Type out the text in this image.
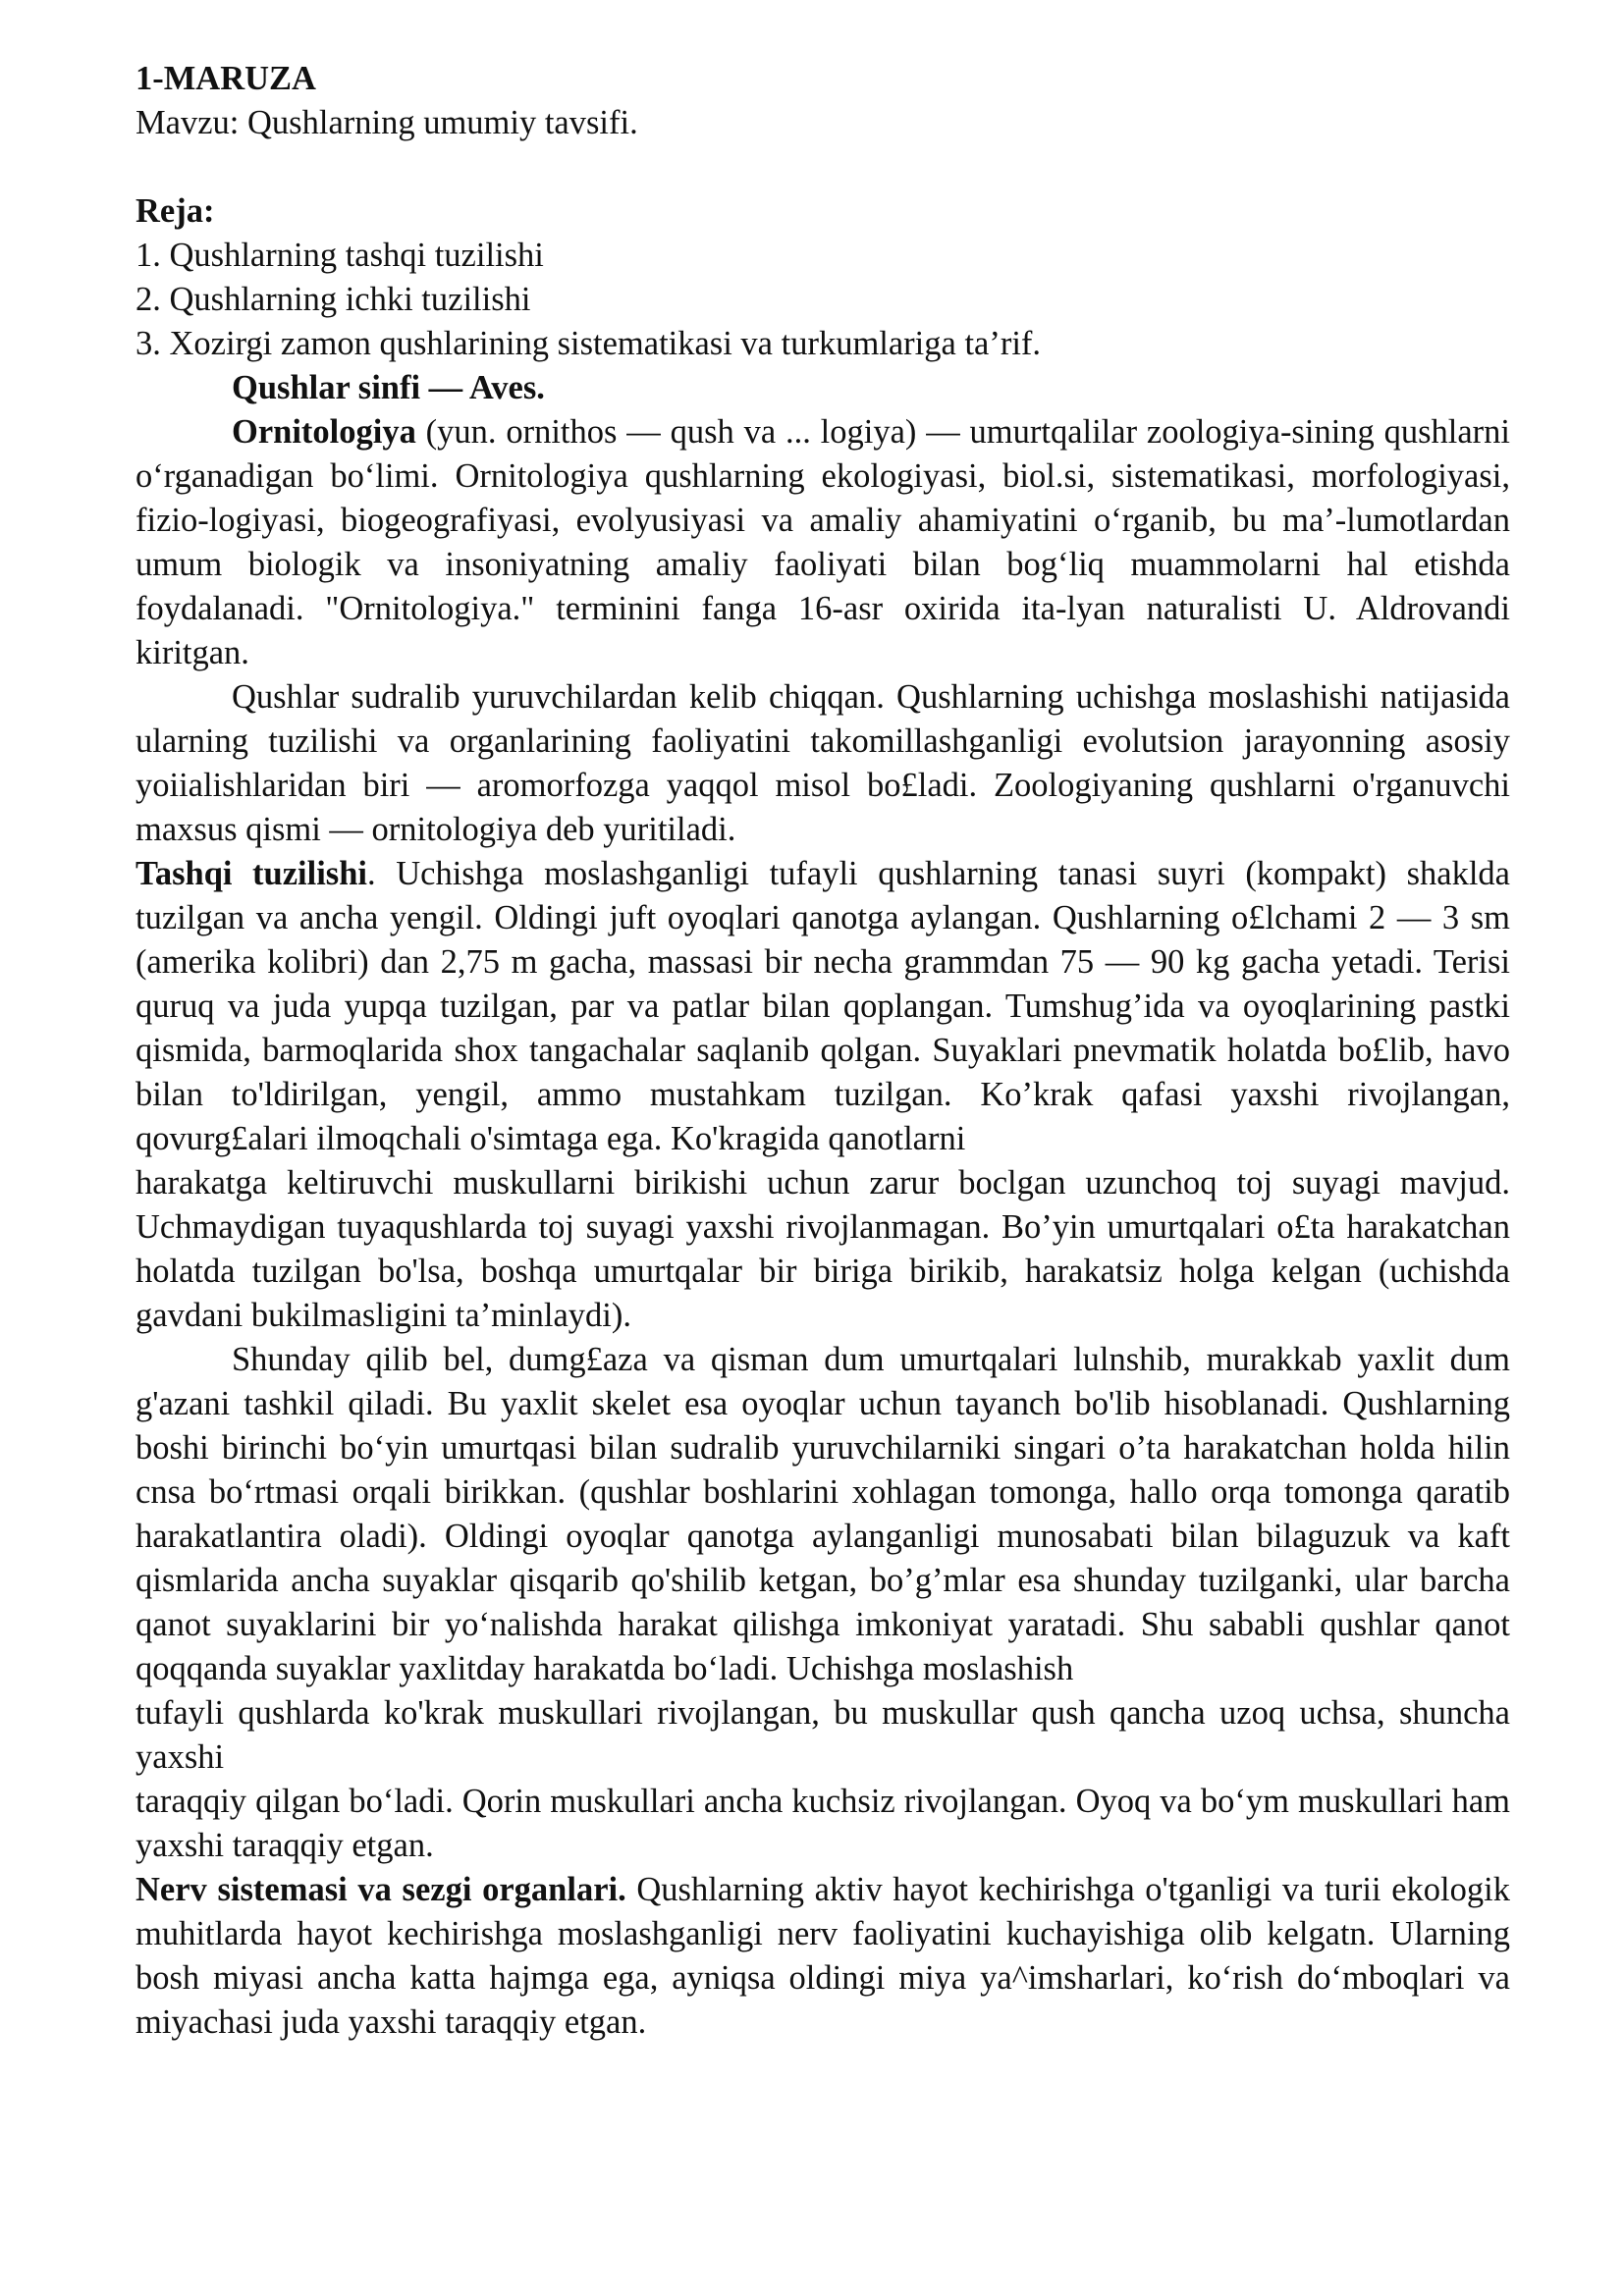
1-MARUZA

Mavzu: Qushlarning umumiy tavsifi.

Reja:

1. Qushlarning tashqi tuzilishi

2. Qushlarning ichki tuzilishi

3. Xozirgi zamon qushlarining sistematikasi va turkumlariga ta’rif.

Qushlar sinfi — Aves.

Ornitologiya (yun. ornithos — qush va ... logiya) — umurtqalilar zoologiya-sining qushlarni o‘rganadigan bo‘limi. Ornitologiya qushlarning ekologiyasi, biol.si, sistematikasi, morfologiyasi, fizio-logiyasi, biogeografiyasi, evolyusiyasi va amaliy ahamiyatini o‘rganib, bu ma’-lumotlardan umum biologik va insoniyatning amaliy faoliyati bilan bog‘liq muammolarni hal etishda foydalanadi. "Ornitologiya." terminini fanga 16-asr oxirida ita-lyan naturalisti U. Aldrovandi kiritgan.

Qushlar sudralib yuruvchilardan kelib chiqqan. Qushlarning uchishga moslashishi natijasida ularning tuzilishi va organlarining faoliyatini takomillashganligi evolutsion jarayonning asosiy yoiialishlaridan biri — aromorfozga yaqqol misol bo£ladi. Zoologiyaning qushlarni o'rganuvchi maxsus qismi — ornitologiya deb yuritiladi.

Tashqi tuzilishi. Uchishga moslashganligi tufayli qushlarning tanasi suyri (kompakt) shakldа tuzilgan va ancha yengil. Oldingi juft oyoqlari qanotga aylangan. Qushlarning o£lchami 2 — 3 sm (amerika kolibri) dan 2,75 m gacha, massasi bir necha grammdan 75 — 90 kg gacha yetadi. Terisi quruq va juda yupqa tuzilgan, par va patlar bilan qoplangan. Tumshug’ida va oyoqlarining pastki qismida, barmoqlarida shox tangachalar saqlanib qolgan. Suyaklari pnevmatik holatda bo£lib, havo bilan to'ldirilgan, yengil, ammo mustahkam tuzilgan. Ko’krak qafasi yaxshi rivojlangan, qovurg£alari ilmoqchali o'simtaga ega. Ko'kragida qanotlarni

harakatga keltiruvchi muskullarni birikishi uchun zarur boclgan uzunchoq toj suyagi mavjud. Uchmaydigan tuyaqushlarda toj suyagi yaxshi rivojlanmagan. Bo’yin umurtqalari o£ta harakatchan holatda tuzilgan bo'lsa, boshqa umurtqalar bir biriga birikib, harakatsiz holga kelgan (uchishda gavdani bukilmasligini ta’minlaydi).

Shunday qilib bel, dumg£aza va qisman dum umurtqalari lulnshib, murakkab yaxlit dum g'azani tashkil qiladi. Bu yaxlit skelet esa oyoqlar uchun tayanch bo'lib hisoblanadi. Qushlarning boshi birinchi bo‘yin umurtqasi bilan sudralib yuruvchilarniki singari o’ta harakatchan holda hilin cnsa bo‘rtmasi orqali birikkan. (qushlar boshlarini xohlagan tomonga, hallo orqa tomonga qaratib harakatlantira oladi). Oldingi oyoqlar qanotga aylanganligi munosabati bilan bilaguzuk va kaft qismlarida ancha suyaklar qisqarib qo'shilib ketgan, bo’g’mlar esa shunday tuzilganki, ular barcha qanot suyaklarini bir yo‘nalishda harakat qilishga imkoniyat yaratadi. Shu sababli qushlar qanot qoqqanda suyaklar yaxlitday harakatda bo‘ladi. Uchishga moslashish

tufayli qushlarda ko'krak muskullari rivojlangan, bu muskullar qush qancha uzoq uchsa, shuncha yaxshi

taraqqiy qilgan bo‘ladi. Qorin muskullari ancha kuchsiz rivojlangan. Oyoq va bo‘ym muskullari ham yaxshi taraqqiy etgan.

Nerv sistemasi va sezgi organlari. Qushlarning aktiv hayot kechirishga o'tganligi va turii ekologik muhitlarda hayot kechirishga moslashganligi nerv faoliyatini kuchayishiga olib kelgatn. Ularning bosh miyasi ancha katta hajmga ega, ayniqsa oldingi miya ya^imsharlari, ko‘rish do‘mboqlari va miyachasi juda yaxshi taraqqiy etgan.
